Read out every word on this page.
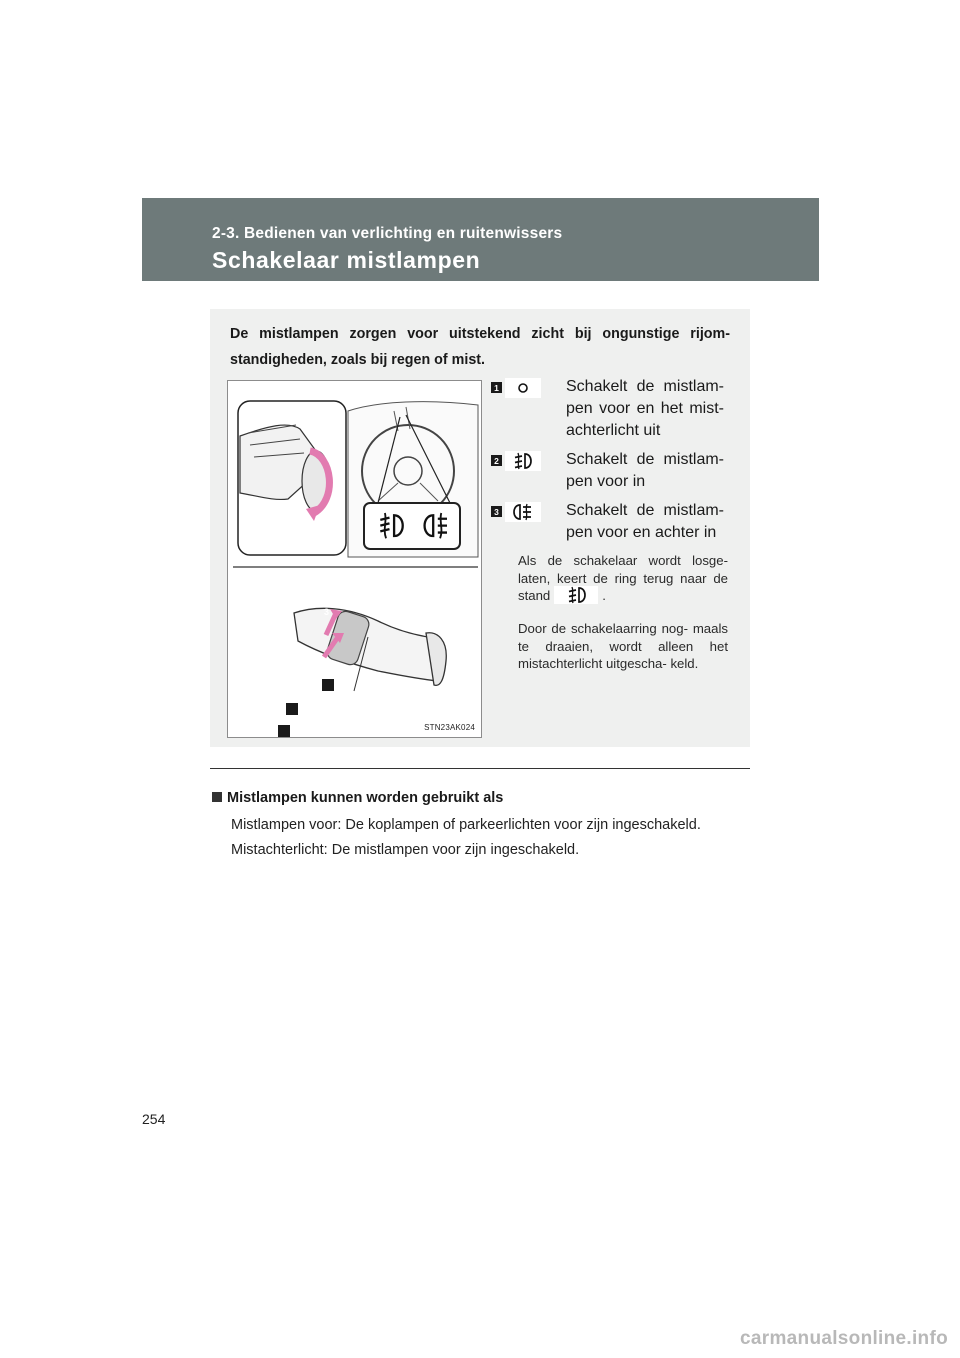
2-3. Bedienen van verlichting en ruitenwissers
Schakelaar mistlampen
De mistlampen zorgen voor uitstekend zicht bij ongunstige rijom- standigheden, zoals bij regen of mist.
3
2
1
STN23AK024
1	Schakelt de mistlam- pen voor en het mist- achterlicht uit
2	Schakelt de mistlam- pen voor in
3	Schakelt de mistlam- pen voor en achter in
Als de schakelaar wordt losge- laten, keert de ring terug naar de stand	.
Door de schakelaarring nog- maals te draaien, wordt alleen het mistachterlicht uitgescha- keld.
Mistlampen kunnen worden gebruikt als
Mistlampen voor: De koplampen of parkeerlichten voor zijn ingeschakeld.
Mistachterlicht: De mistlampen voor zijn ingeschakeld.
254
carmanualsonline.info
